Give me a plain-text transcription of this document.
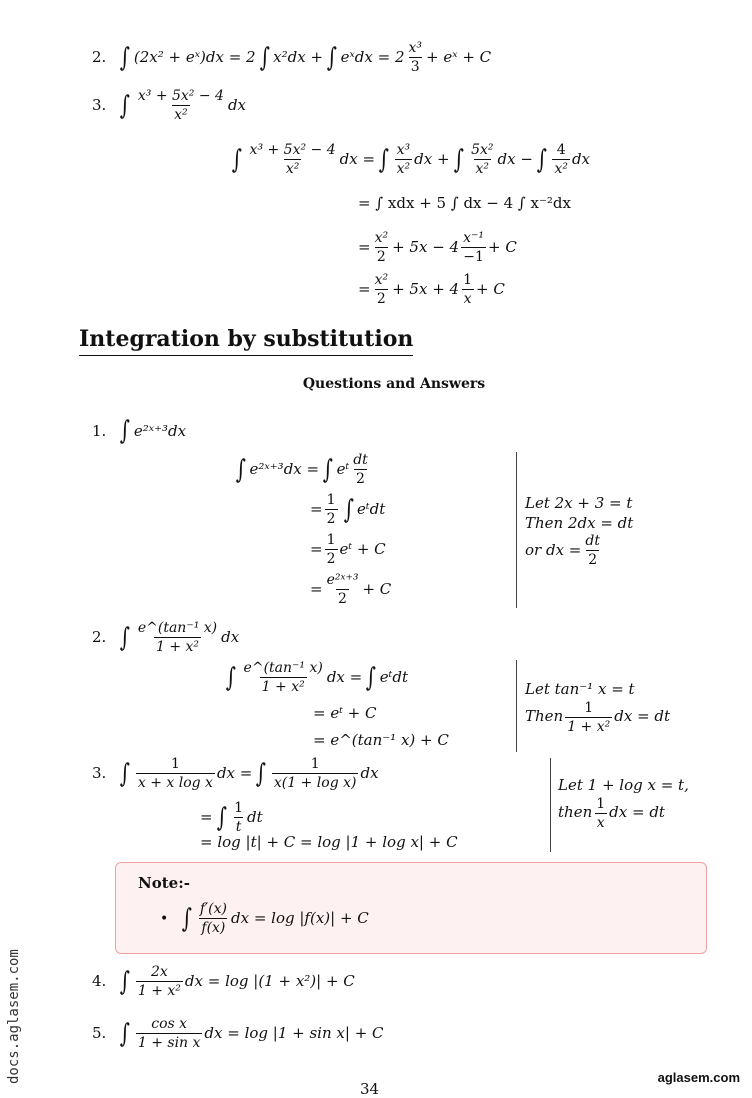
2. ∫ (2x² + eˣ)dx = 2 ∫ x²dx + ∫ eˣdx = $2 \frac{\text{x³}}{3}$ + eˣ + C
3. ∫ $\frac{\text{x³ + 5x² − 4}}{\text{x²}}$ dx
∫ $\frac{\text{x³ + 5x² − 4}}{\text{x²}}$ dx = ∫ $\frac{\text{x³}}{\text{x²}}$ dx + ∫ $\frac{\text{5x²}}{\text{x²}}$ dx − ∫ $\frac{4}{\text{x²}}$ dx
= ∫ xdx + 5 ∫ dx − 4 ∫ x⁻²dx
= $\frac{\text{x²}}{2} + 5x - 4 \frac{\text{x⁻¹}}{-1} + C$
= $\frac{\text{x²}}{2} + 5x + 4 \frac{1}{x} + C$
Integration by substitution
Questions and Answers
1. ∫ e²ˣ⁺³dx
∫ e²ˣ⁺³dx = ∫ eᵗ $\frac{dt}{2}$
= $\frac{1}{2}$ ∫ eᵗdt
= $\frac{1}{2}$ eᵗ + C
= $\frac{\text{e²ˣ⁺³}}{2} + C$
Let 2x + 3 = t
Then 2dx = dt
or dx = $\frac{dt}{2}$
2. ∫ $\frac{\text{e\textasciicircum{}(tan⁻¹ x)}}{\text{1 + x²}}$ dx
∫ $\frac{\text{e\textasciicircum{}(tan⁻¹ x)}}{\text{1 + x²}}$ dx = ∫ eᵗdt
= eᵗ + C
= e^(tan⁻¹ x) + C
Let tan⁻¹ x = t
Then $\frac{1}{\text{1 + x²}}$ dx = dt
3. ∫ $\frac{1}{\text{x + x log x}}$ dx = ∫ $\frac{1}{\text{x(1 + log x)}}$ dx
= ∫ $\frac{1}{t}$ dt
= log |t| + C = log |1 + log x| + C
Let 1 + log x = t,
then $\frac{1}{x}$ dx = dt
Note:-
• ∫ $\frac{f'(x)}{f(x)}$ dx = log |f(x)| + C
4. ∫ $\frac{2x}{\text{1 + x²}}$ dx = log |(1 + x²)| + C
5. ∫ $\frac{\text{cos x}}{\text{1 + sin x}}$ dx = log |1 + sin x| + C
docs.aglasem.com
34
aglasem.com
